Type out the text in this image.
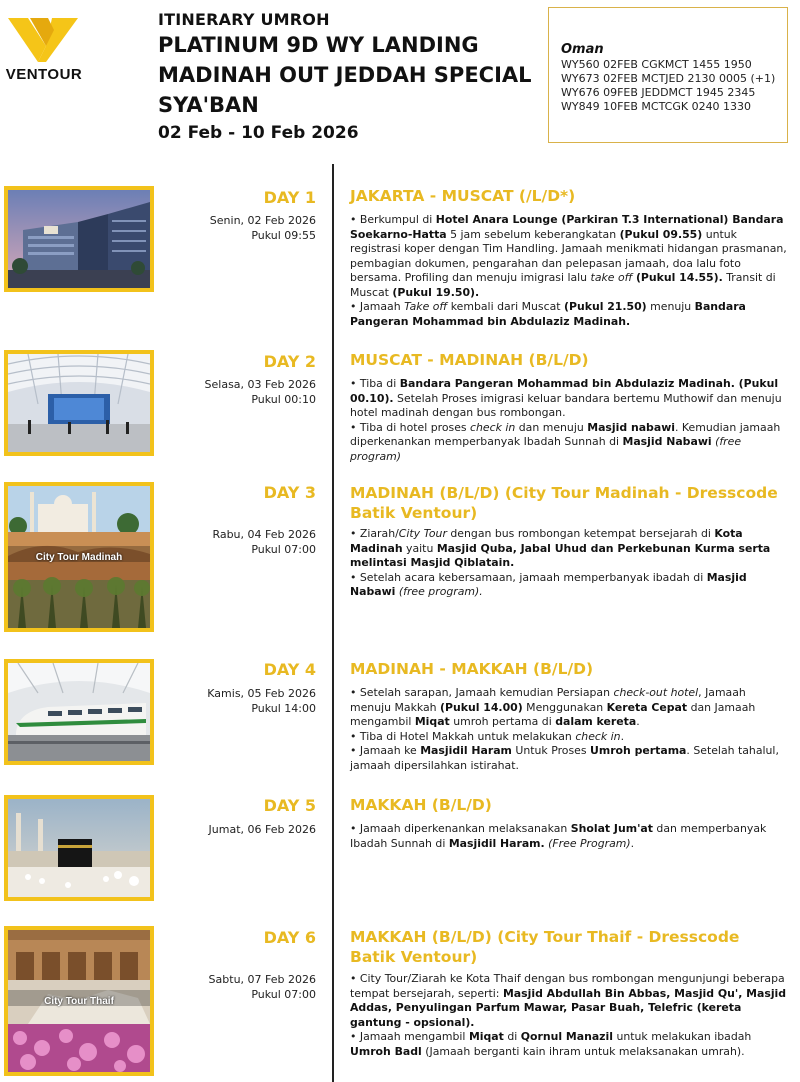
VENTOUR
ITINERARY UMROH
PLATINUM 9D WY LANDING
MADINAH OUT JEDDAH SPECIAL
SYA'BAN
02 Feb - 10 Feb 2026
Oman
WY560 02FEB CGKMCT 1455 1950
WY673 02FEB MCTJED 2130 0005 (+1)
WY676 09FEB JEDDMCT 1945 2345
WY849 10FEB MCTCGK 0240 1330
DAY 1
Senin, 02 Feb 2026
Pukul 09:55
JAKARTA - MUSCAT (/L/D*)

• Berkumpul di Hotel Anara Lounge (Parkiran T.3 International) Bandara Soekarno-Hatta 5 jam sebelum keberangkatan (Pukul 09.55) untuk registrasi koper dengan Tim Handling. Jamaah menikmati hidangan prasmanan, pembagian dokumen, pengarahan dan pelepasan jamaah, doa lalu foto bersama. Profiling dan menuju imigrasi lalu take off (Pukul 14.55). Transit di Muscat (Pukul 19.50).

• Jamaah Take off kembali dari Muscat (Pukul 21.50) menuju Bandara Pangeran Mohammad bin Abdulaziz Madinah.

DAY 2
Selasa, 03 Feb 2026
Pukul 00:10
MUSCAT - MADINAH (B/L/D)

• Tiba di Bandara Pangeran Mohammad bin Abdulaziz Madinah. (Pukul 00.10). Setelah Proses imigrasi keluar bandara bertemu Muthowif dan menuju hotel madinah dengan bus rombongan.

• Tiba di hotel proses check in dan menuju Masjid nabawi. Kemudian jamaah diperkenankan memperbanyak Ibadah Sunnah di Masjid Nabawi (free program)

City Tour Madinah
DAY 3
Rabu, 04 Feb 2026
Pukul 07:00
MADINAH (B/L/D) (City Tour Madinah - Dresscode Batik Ventour)

• Ziarah/City Tour dengan bus rombongan ketempat bersejarah di Kota Madinah yaitu Masjid Quba, Jabal Uhud dan Perkebunan Kurma serta melintasi Masjid Qiblatain.

• Setelah acara kebersamaan, jamaah memperbanyak ibadah di Masjid Nabawi (free program).

DAY 4
Kamis, 05 Feb 2026
Pukul 14:00
MADINAH - MAKKAH (B/L/D)

• Setelah sarapan, Jamaah kemudian Persiapan check-out hotel, Jamaah menuju Makkah (Pukul 14.00) Menggunakan Kereta Cepat dan Jamaah mengambil Miqat umroh pertama di dalam kereta.

• Tiba di Hotel Makkah untuk melakukan check in.

• Jamaah ke Masjidil Haram Untuk Proses Umroh pertama. Setelah tahalul, jamaah dipersilahkan istirahat.

DAY 5
Jumat, 06 Feb 2026
MAKKAH (B/L/D)

• Jamaah diperkenankan melaksanakan Sholat Jum'at dan memperbanyak Ibadah Sunnah di Masjidil Haram. (Free Program).

City Tour Thaif
DAY 6
Sabtu, 07 Feb 2026
Pukul 07:00
MAKKAH (B/L/D) (City Tour Thaif - Dresscode Batik Ventour)

• City Tour/Ziarah ke Kota Thaif dengan bus rombongan mengunjungi beberapa tempat bersejarah, seperti: Masjid Abdullah Bin Abbas, Masjid Qu', Masjid Addas, Penyulingan Parfum Mawar, Pasar Buah, Telefric (kereta gantung - opsional).

• Jamaah mengambil Miqat di Qornul Manazil untuk melakukan ibadah Umroh Badl (Jamaah berganti kain ihram untuk melaksanakan umrah).
